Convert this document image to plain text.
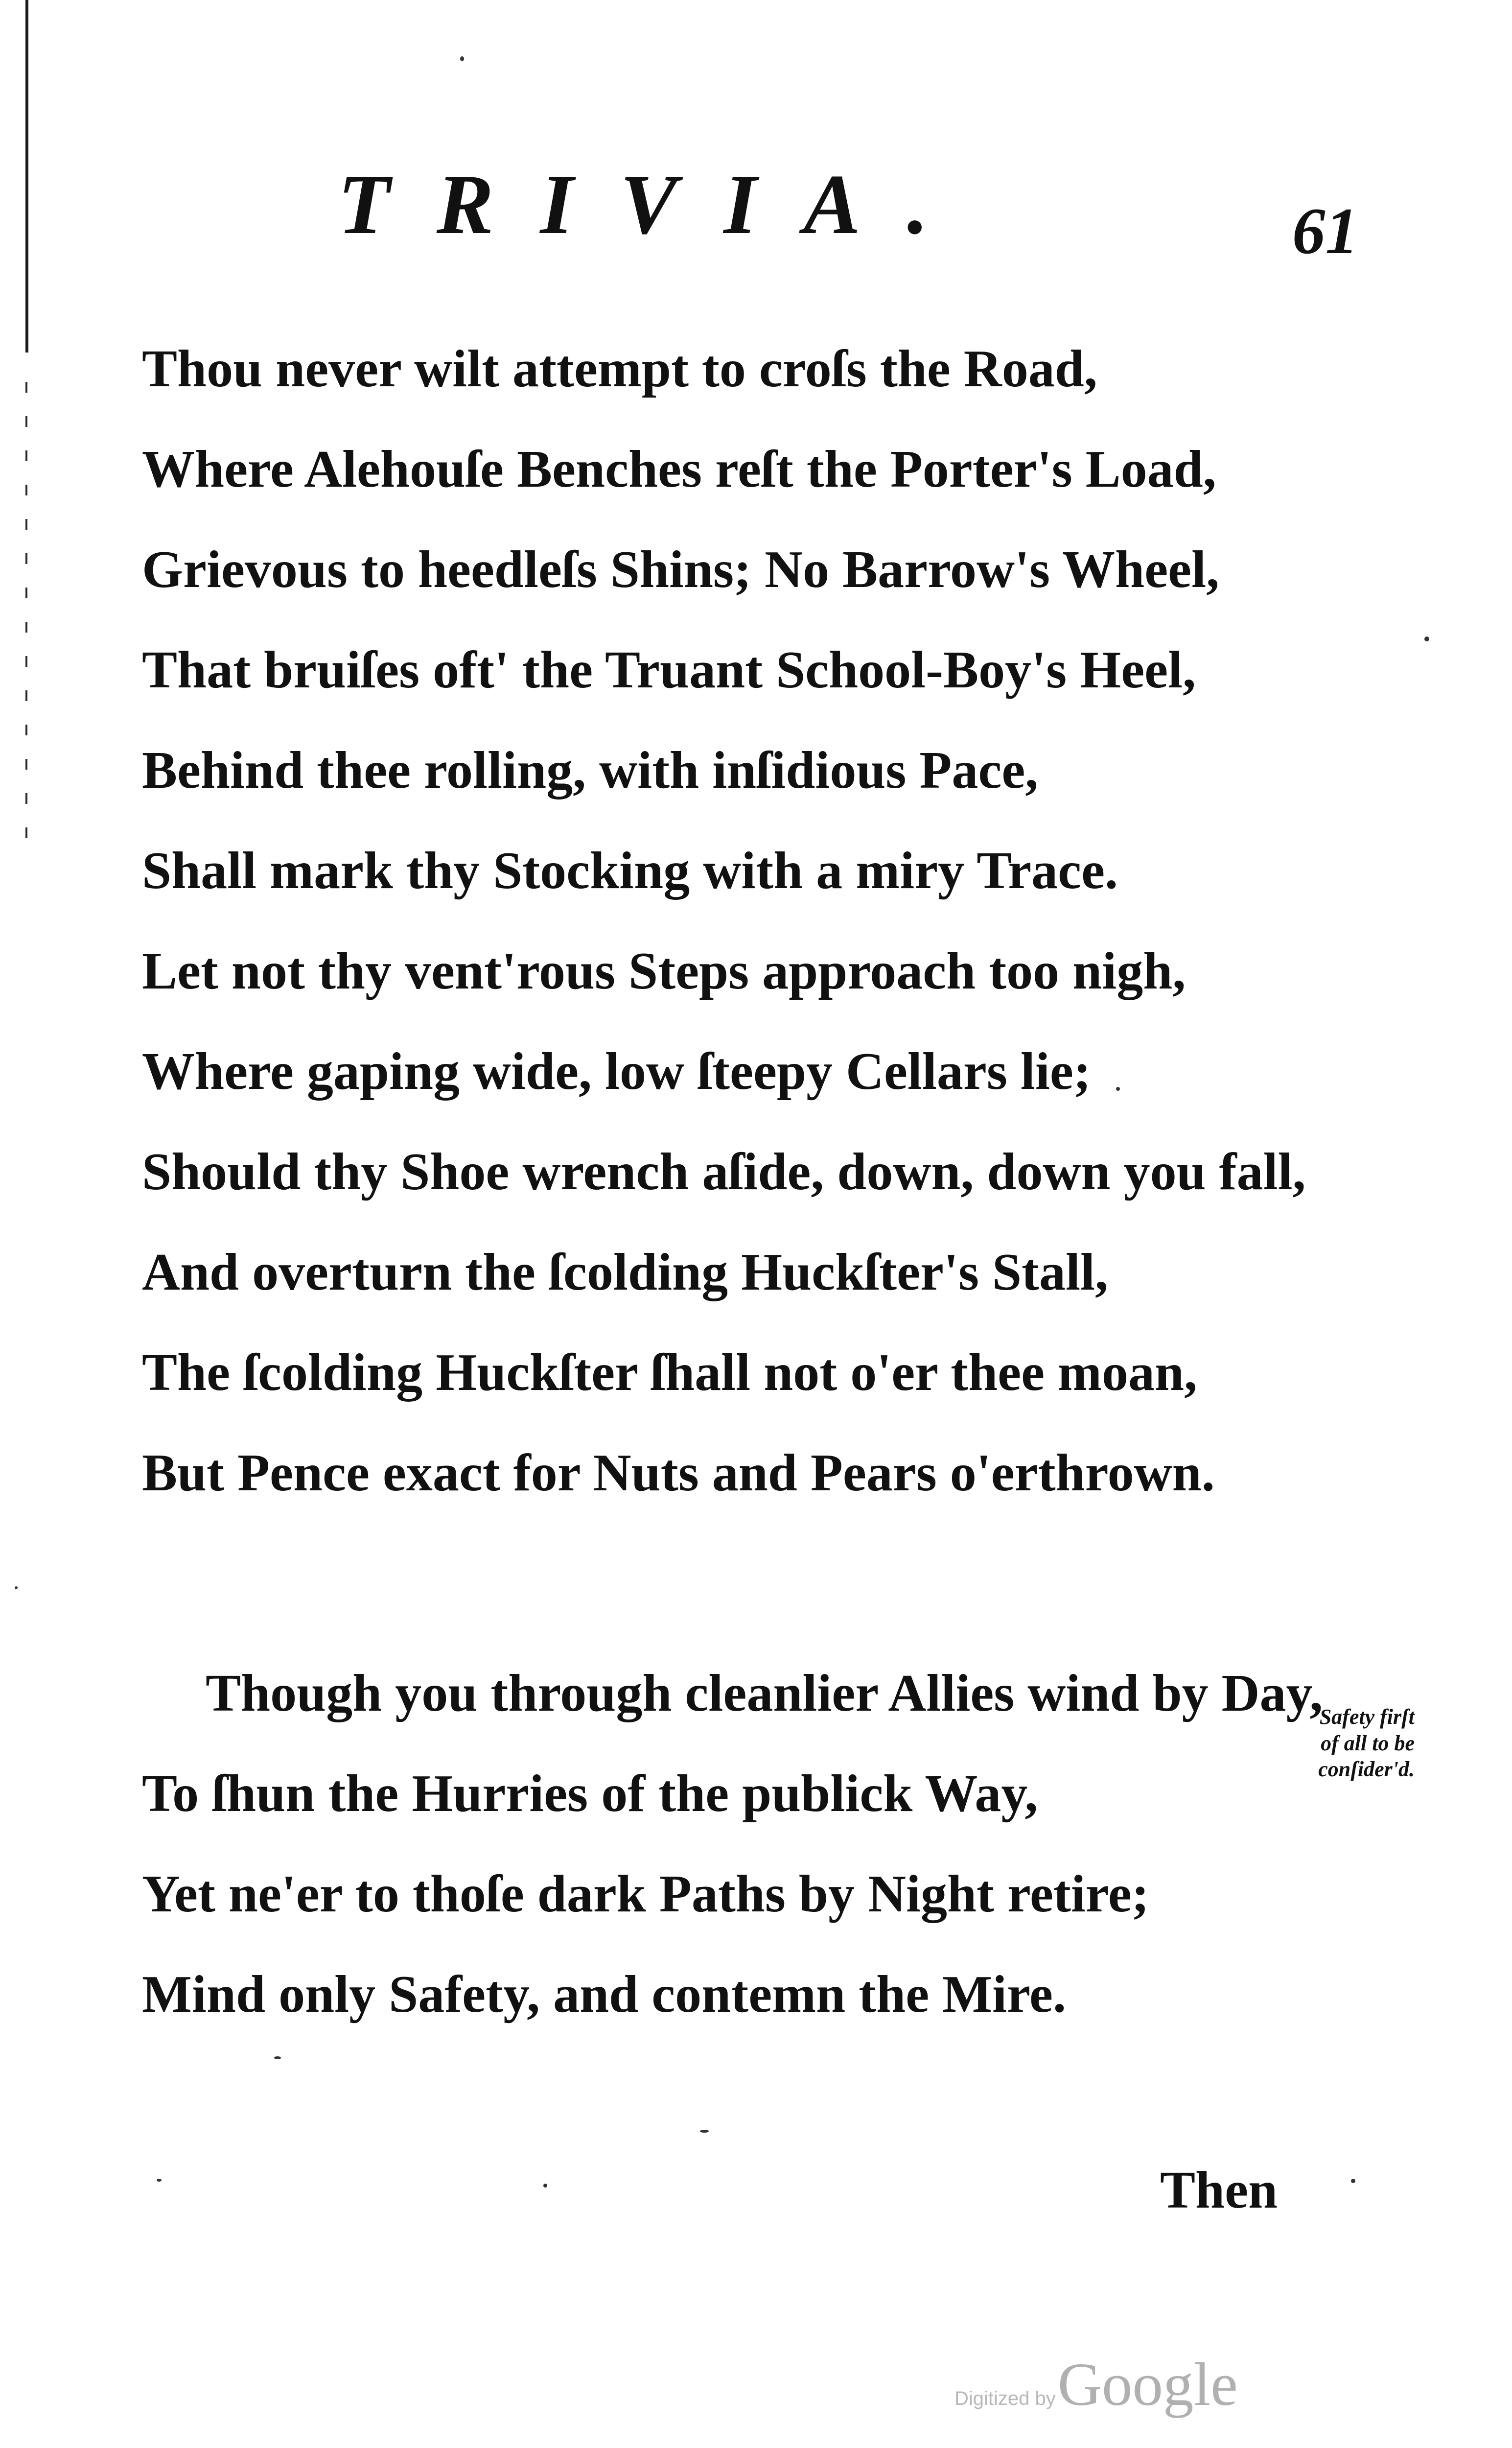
TRIVIA.	61
Thou never wilt attempt to croſs the Road,
Where Alehouſe Benches reſt the Porter's Load,
Grievous to heedleſs Shins; No Barrow's Wheel,
That bruiſes oft' the Truant School-Boy's Heel,
Behind thee rolling, with inſidious Pace,
Shall mark thy Stocking with a miry Trace.
Let not thy vent'rous Steps approach too nigh,
Where gaping wide, low ſteepy Cellars lie;
Should thy Shoe wrench aſide, down, down you fall,
And overturn the ſcolding Huckſter's Stall,
The ſcolding Huckſter ſhall not o'er thee moan,
But Pence exact for Nuts and Pears o'erthrown.
Though you through cleanlier Allies wind by Day,
To ſhun the Hurries of the publick Way,
Yet ne'er to thoſe dark Paths by Night retire;
Mind only Safety, and contemn the Mire.
Safety firſt
of all to be
conſider'd.
Then
Digitized by Google
